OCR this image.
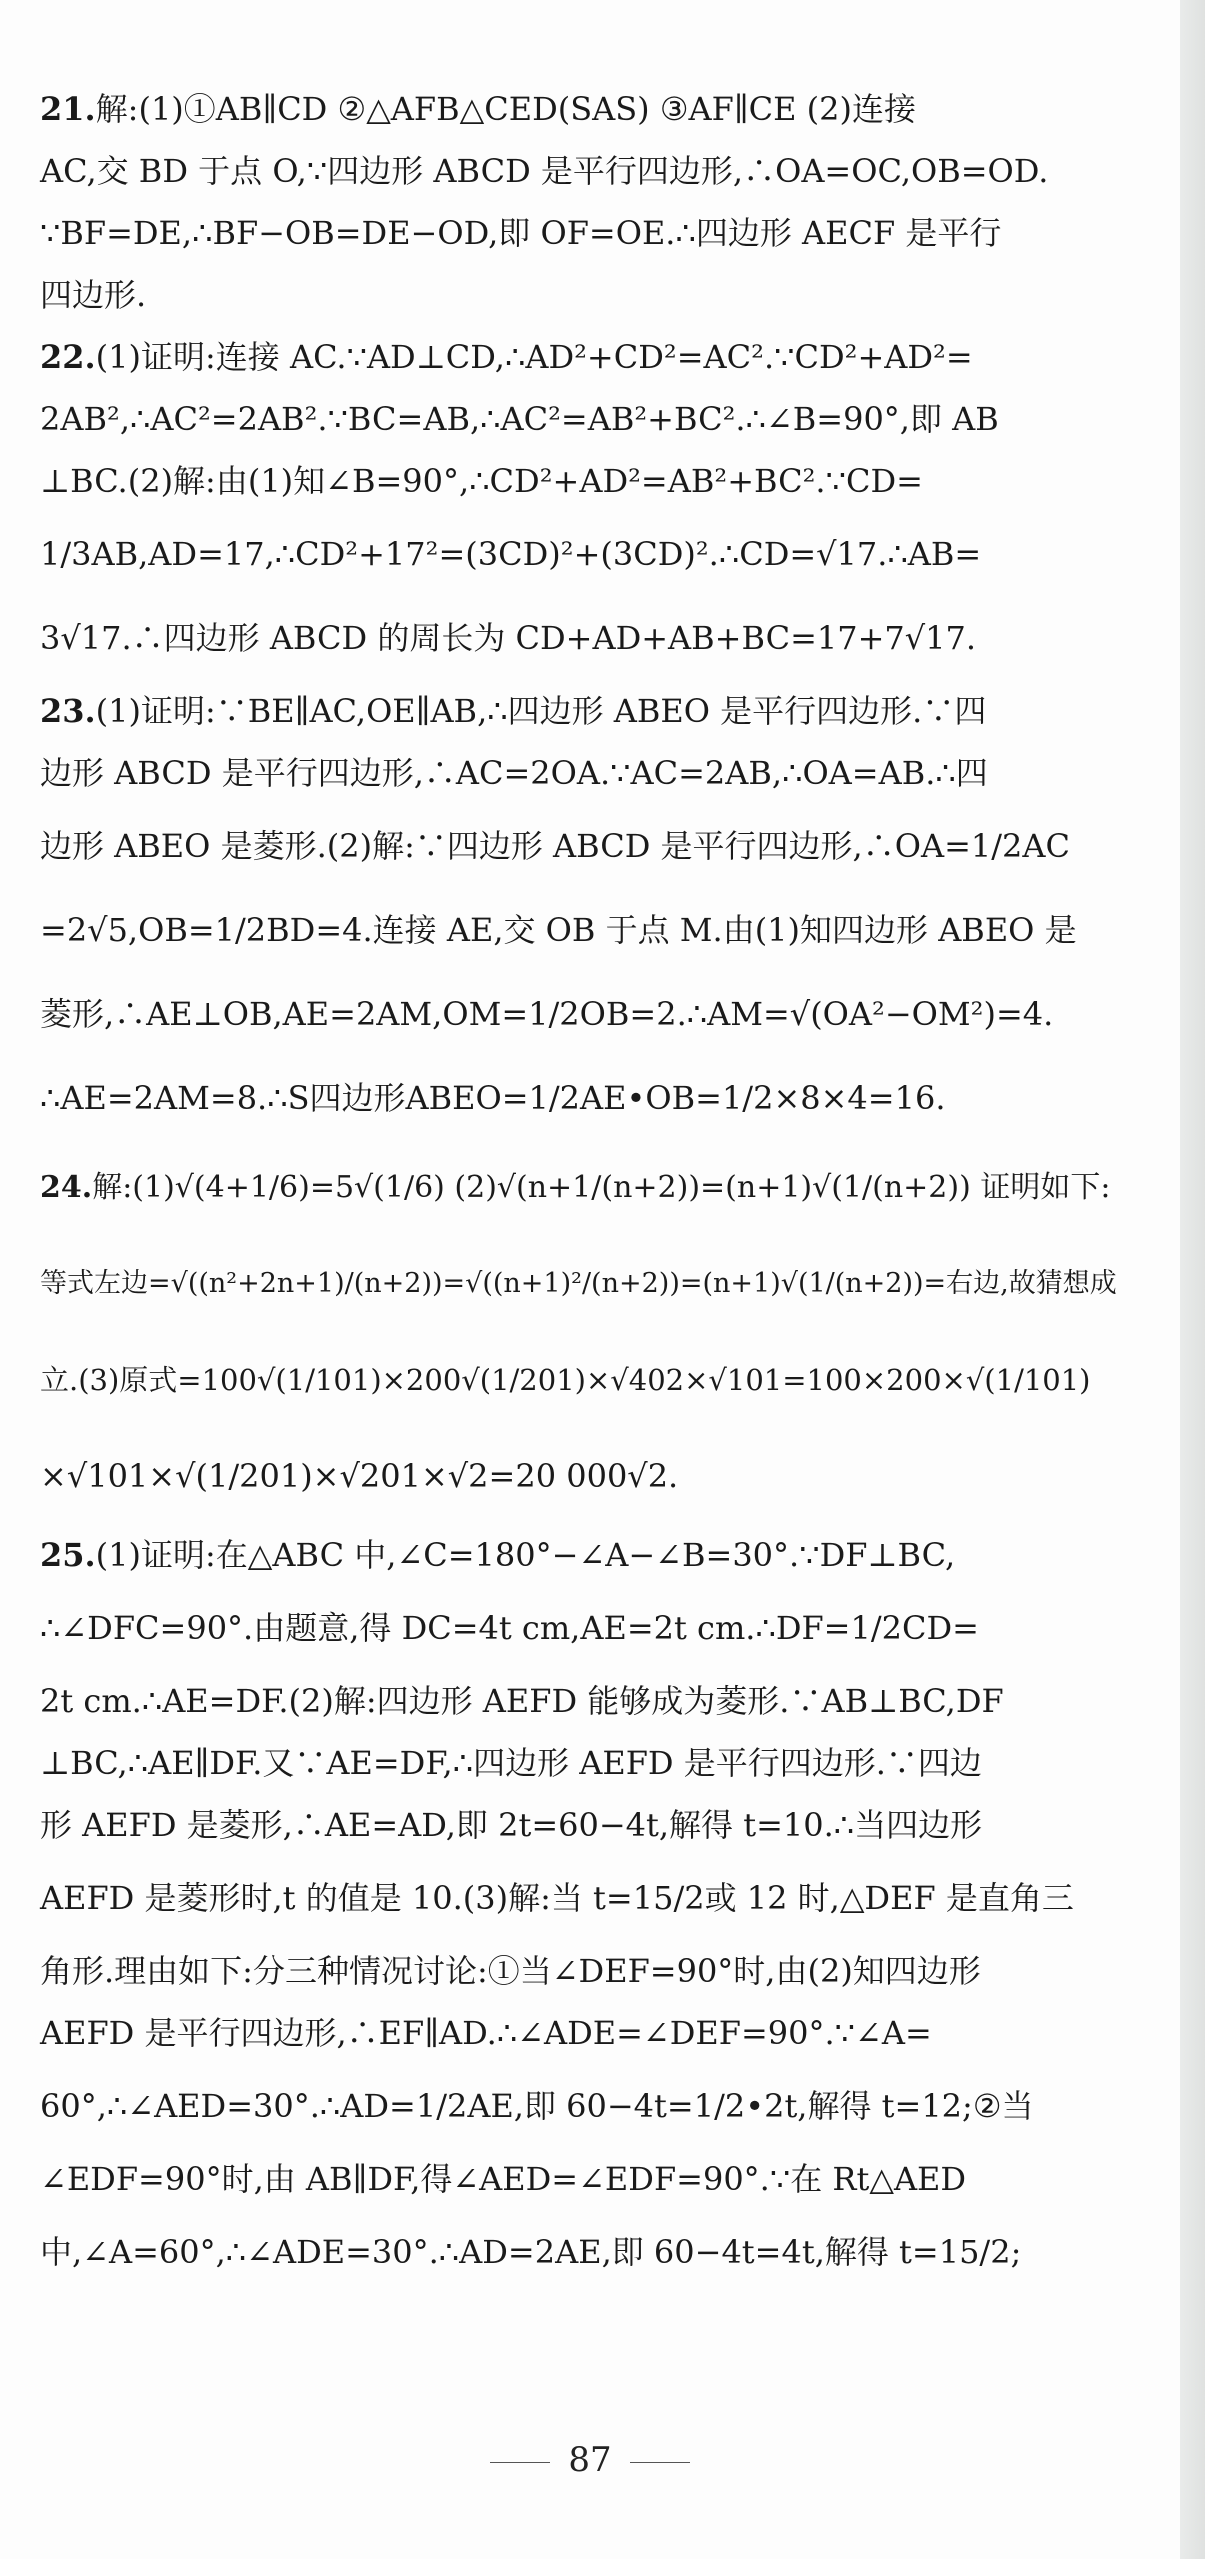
21.解:(1)①AB∥CD ②△AFB△CED(SAS) ③AF∥CE (2)连接

AC,交 BD 于点 O,∵四边形 ABCD 是平行四边形,∴OA=OC,OB=OD.

∵BF=DE,∴BF−OB=DE−OD,即 OF=OE.∴四边形 AECF 是平行

四边形.

22.(1)证明:连接 AC.∵AD⊥CD,∴AD²+CD²=AC².∵CD²+AD²=

2AB²,∴AC²=2AB².∵BC=AB,∴AC²=AB²+BC².∴∠B=90°,即 AB

⊥BC.(2)解:由(1)知∠B=90°,∴CD²+AD²=AB²+BC².∵CD=

1/3AB,AD=17,∴CD²+17²=(3CD)²+(3CD)².∴CD=√17.∴AB=

3√17.∴四边形 ABCD 的周长为 CD+AD+AB+BC=17+7√17.

23.(1)证明:∵BE∥AC,OE∥AB,∴四边形 ABEO 是平行四边形.∵四

边形 ABCD 是平行四边形,∴AC=2OA.∵AC=2AB,∴OA=AB.∴四

边形 ABEO 是菱形.(2)解:∵四边形 ABCD 是平行四边形,∴OA=1/2AC

=2√5,OB=1/2BD=4.连接 AE,交 OB 于点 M.由(1)知四边形 ABEO 是

菱形,∴AE⊥OB,AE=2AM,OM=1/2OB=2.∴AM=√(OA²−OM²)=4.

∴AE=2AM=8.∴S四边形ABEO=1/2AE•OB=1/2×8×4=16.

24.解:(1)√(4+1/6)=5√(1/6) (2)√(n+1/(n+2))=(n+1)√(1/(n+2)) 证明如下:

等式左边=√((n²+2n+1)/(n+2))=√((n+1)²/(n+2))=(n+1)√(1/(n+2))=右边,故猜想成

立.(3)原式=100√(1/101)×200√(1/201)×√402×√101=100×200×√(1/101)

×√101×√(1/201)×√201×√2=20 000√2.

25.(1)证明:在△ABC 中,∠C=180°−∠A−∠B=30°.∵DF⊥BC,

∴∠DFC=90°.由题意,得 DC=4t cm,AE=2t cm.∴DF=1/2CD=

2t cm.∴AE=DF.(2)解:四边形 AEFD 能够成为菱形.∵AB⊥BC,DF

⊥BC,∴AE∥DF.又∵AE=DF,∴四边形 AEFD 是平行四边形.∵四边

形 AEFD 是菱形,∴AE=AD,即 2t=60−4t,解得 t=10.∴当四边形

AEFD 是菱形时,t 的值是 10.(3)解:当 t=15/2或 12 时,△DEF 是直角三

角形.理由如下:分三种情况讨论:①当∠DEF=90°时,由(2)知四边形

AEFD 是平行四边形,∴EF∥AD.∴∠ADE=∠DEF=90°.∵∠A=

60°,∴∠AED=30°.∴AD=1/2AE,即 60−4t=1/2•2t,解得 t=12;②当

∠EDF=90°时,由 AB∥DF,得∠AED=∠EDF=90°.∵在 Rt△AED

中,∠A=60°,∴∠ADE=30°.∴AD=2AE,即 60−4t=4t,解得 t=15/2;

87
